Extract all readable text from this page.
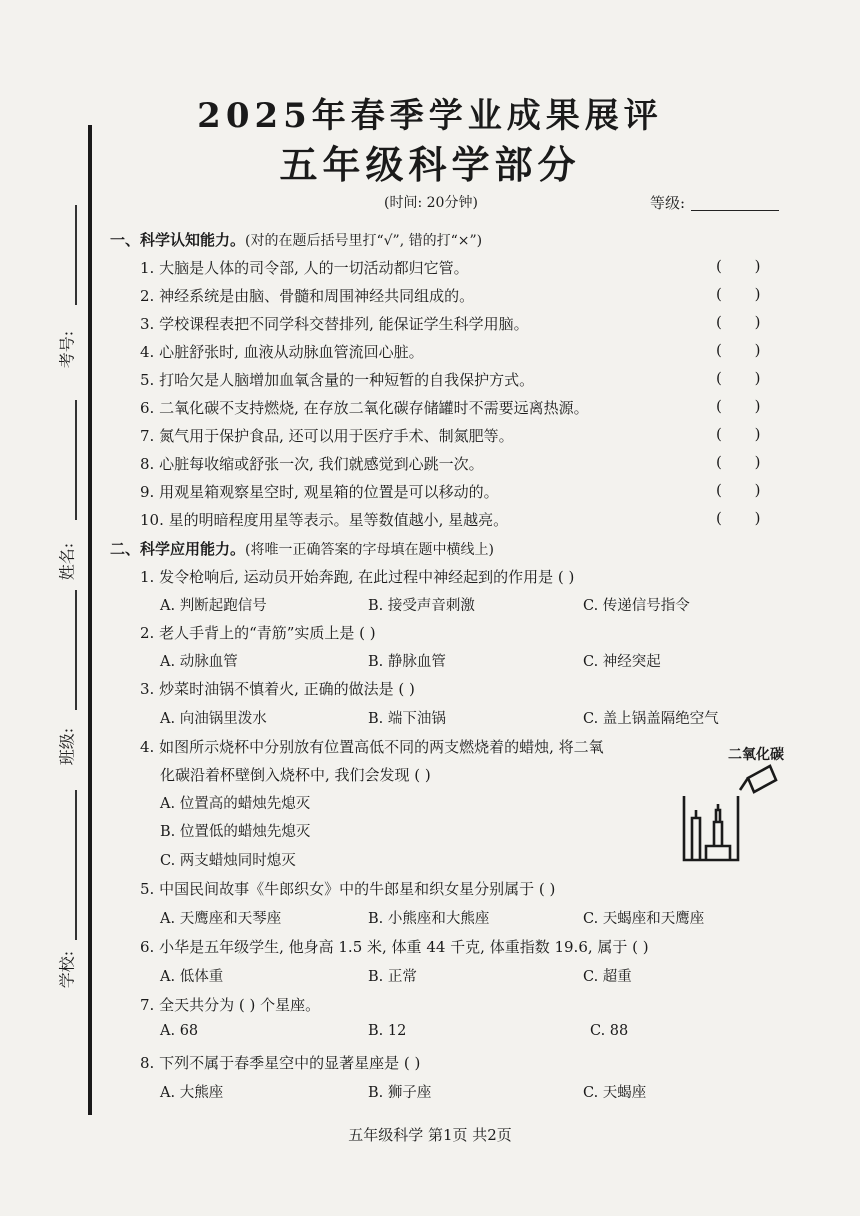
2025年春季学业成果展评
五年级科学部分
(时间: 20分钟)	等级:
考号:
姓名:
班级:
学校:
一、科学认知能力。(对的在题后括号里打“√”, 错的打“×”)
1. 大脑是人体的司令部, 人的一切活动都归它管。	( )
2. 神经系统是由脑、骨髓和周围神经共同组成的。	( )
3. 学校课程表把不同学科交替排列, 能保证学生科学用脑。	( )
4. 心脏舒张时, 血液从动脉血管流回心脏。	( )
5. 打哈欠是人脑增加血氧含量的一种短暂的自我保护方式。	( )
6. 二氧化碳不支持燃烧, 在存放二氧化碳存储罐时不需要远离热源。	( )
7. 氮气用于保护食品, 还可以用于医疗手术、制氮肥等。	( )
8. 心脏每收缩或舒张一次, 我们就感觉到心跳一次。	( )
9. 用观星箱观察星空时, 观星箱的位置是可以移动的。	( )
10. 星的明暗程度用星等表示。星等数值越小, 星越亮。	( )
二、科学应用能力。(将唯一正确答案的字母填在题中横线上)
1. 发令枪响后, 运动员开始奔跑, 在此过程中神经起到的作用是 ( )
A. 判断起跑信号	B. 接受声音刺激	C. 传递信号指令
2. 老人手背上的“青筋”实质上是 ( )
A. 动脉血管	B. 静脉血管	C. 神经突起
3. 炒菜时油锅不慎着火, 正确的做法是 ( )
A. 向油锅里泼水	B. 端下油锅	C. 盖上锅盖隔绝空气
4. 如图所示烧杯中分别放有位置高低不同的两支燃烧着的蜡烛, 将二氧
化碳沿着杯壁倒入烧杯中, 我们会发现 ( )
A. 位置高的蜡烛先熄灭
B. 位置低的蜡烛先熄灭
C. 两支蜡烛同时熄灭
二氧化碳
5. 中国民间故事《牛郎织女》中的牛郎星和织女星分别属于 ( )
A. 天鹰座和天琴座	B. 小熊座和大熊座	C. 天蝎座和天鹰座
6. 小华是五年级学生, 他身高 1.5 米, 体重 44 千克, 体重指数 19.6, 属于 ( )
A. 低体重	B. 正常	C. 超重
7. 全天共分为 ( ) 个星座。
A. 68	B. 12	C. 88
8. 下列不属于春季星空中的显著星座是 ( )
A. 大熊座	B. 狮子座	C. 天蝎座
五年级科学 第1页 共2页
